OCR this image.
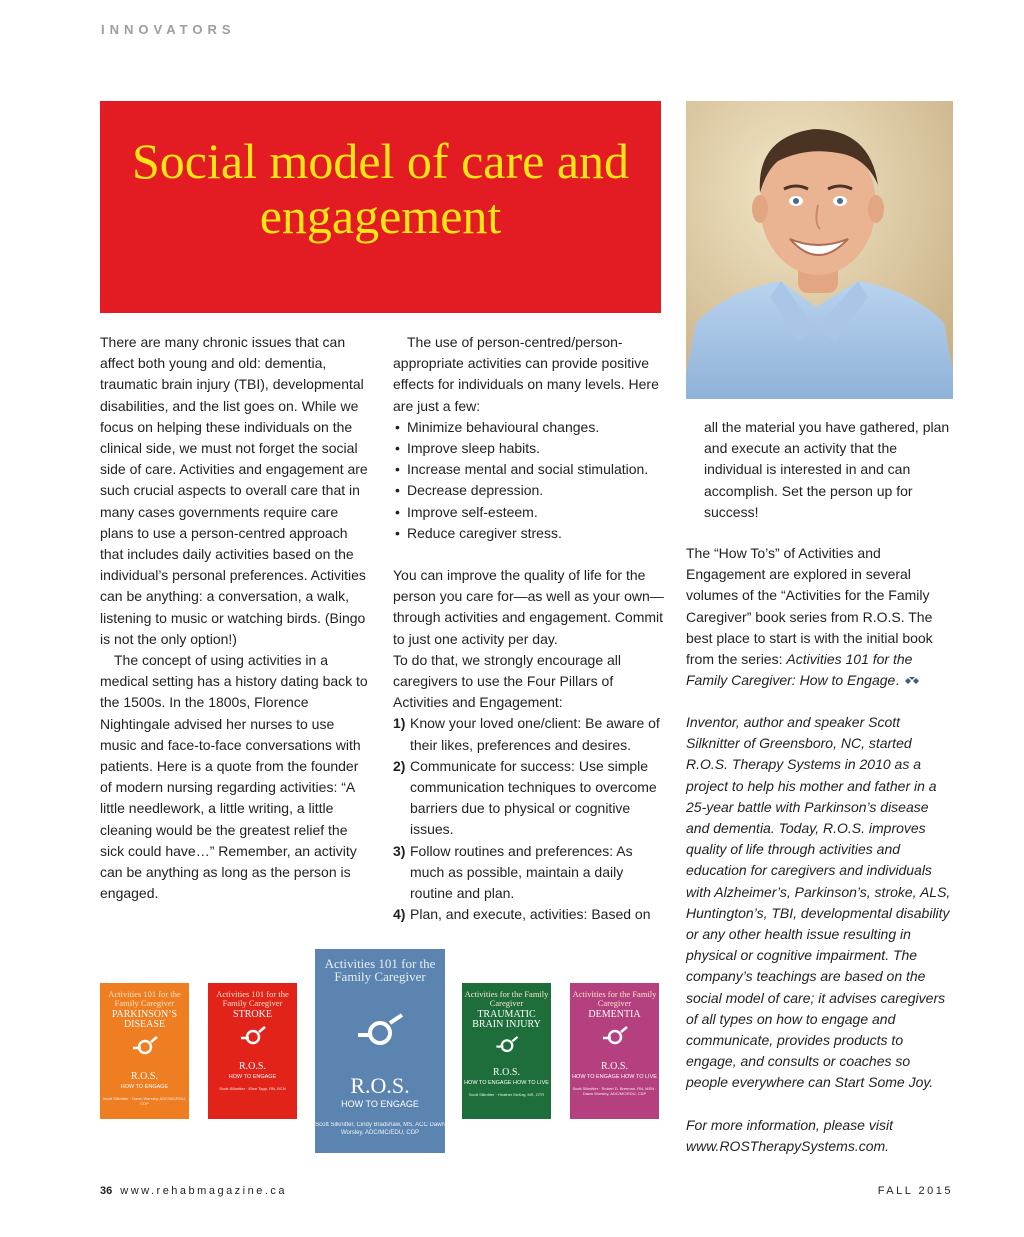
INNOVATORS
Social model of care and engagement
By Scott Silknitter

There are many chronic issues that can affect both young and old: dementia, traumatic brain injury (TBI), developmental disabilities, and the list goes on. While we focus on helping these individuals on the clinical side, we must not forget the social side of care. Activities and engagement are such crucial aspects to overall care that in many cases governments require care plans to use a person-centred approach that includes daily activities based on the individual’s personal preferences. Activities can be anything: a conversation, a walk, listening to music or watching birds. (Bingo is not the only option!)

The concept of using activities in a medical setting has a history dating back to the 1500s. In the 1800s, Florence Nightingale advised her nurses to use music and face-to-face conversations with patients. Here is a quote from the founder of modern nursing regarding activities: “A little needlework, a little writing, a little cleaning would be the greatest relief the sick could have…” Remember, an activity can be anything as long as the person is engaged.

The use of person-centred/person-appropriate activities can provide positive effects for individuals on many levels. Here are just a few:

• Minimize behavioural changes.
• Improve sleep habits.
• Increase mental and social stimulation.
• Decrease depression.
• Improve self-esteem.
• Reduce caregiver stress.

You can improve the quality of life for the person you care for—as well as your own—through activities and engagement. Commit to just one activity per day.

To do that, we strongly encourage all caregivers to use the Four Pillars of Activities and Engagement:

1) Know your loved one/client: Be aware of their likes, preferences and desires.
2) Communicate for success: Use simple communication techniques to overcome barriers due to physical or cognitive issues.
3) Follow routines and preferences: As much as possible, maintain a daily routine and plan.
4) Plan, and execute, activities: Based on

all the material you have gathered, plan and execute an activity that the individual is interested in and can accomplish. Set the person up for success!

The “How To’s” of Activities and Engagement are explored in several volumes of the “Activities for the Family Caregiver” book series from R.O.S. The best place to start is with the initial book from the series: Activities 101 for the Family Caregiver: How to Engage.

Inventor, author and speaker Scott Silknitter of Greensboro, NC, started R.O.S. Therapy Systems in 2010 as a project to help his mother and father in a 25-year battle with Parkinson’s disease and dementia. Today, R.O.S. improves quality of life through activities and education for caregivers and individuals with Alzheimer’s, Parkinson’s, stroke, ALS, Huntington’s, TBI, developmental disability or any other health issue resulting in physical or cognitive impairment. The company’s teachings are based on the social model of care; it advises caregivers of all types on how to engage and communicate, provides products to engage, and consults or coaches so people everywhere can Start Some Joy.

For more information, please visit www.ROSTherapySystems.com.

Activities 101 for the Family Caregiver
PARKINSON’S DISEASE
R.O.S.
HOW TO ENGAGE
Scott Silknitter · Dawn Worsley, ADC/MC/EDU, CDP
Activities 101 for the Family Caregiver
STROKE
R.O.S.
HOW TO ENGAGE
Scott Silknitter · Elise Tapp, RN, BCN
Activities 101 for the Family Caregiver
R.O.S.
HOW TO ENGAGE
Scott Silknitter, Cindy Bradshaw, MS, ACC Dawn Worsley, ADC/MC/EDU, CDP
Activities for the Family Caregiver
TRAUMATIC BRAIN INJURY
R.O.S.
HOW TO ENGAGE HOW TO LIVE
Scott Silknitter · Heather McKay, MS, OTR
Activities for the Family Caregiver
DEMENTIA
R.O.S.
HOW TO ENGAGE HOW TO LIVE
Scott Silknitter · Robert D. Brennan, RN, MSN · Dawn Worsley, ADC/MC/EDU, CDP
36 www.rehabmagazine.ca	FALL 2015
